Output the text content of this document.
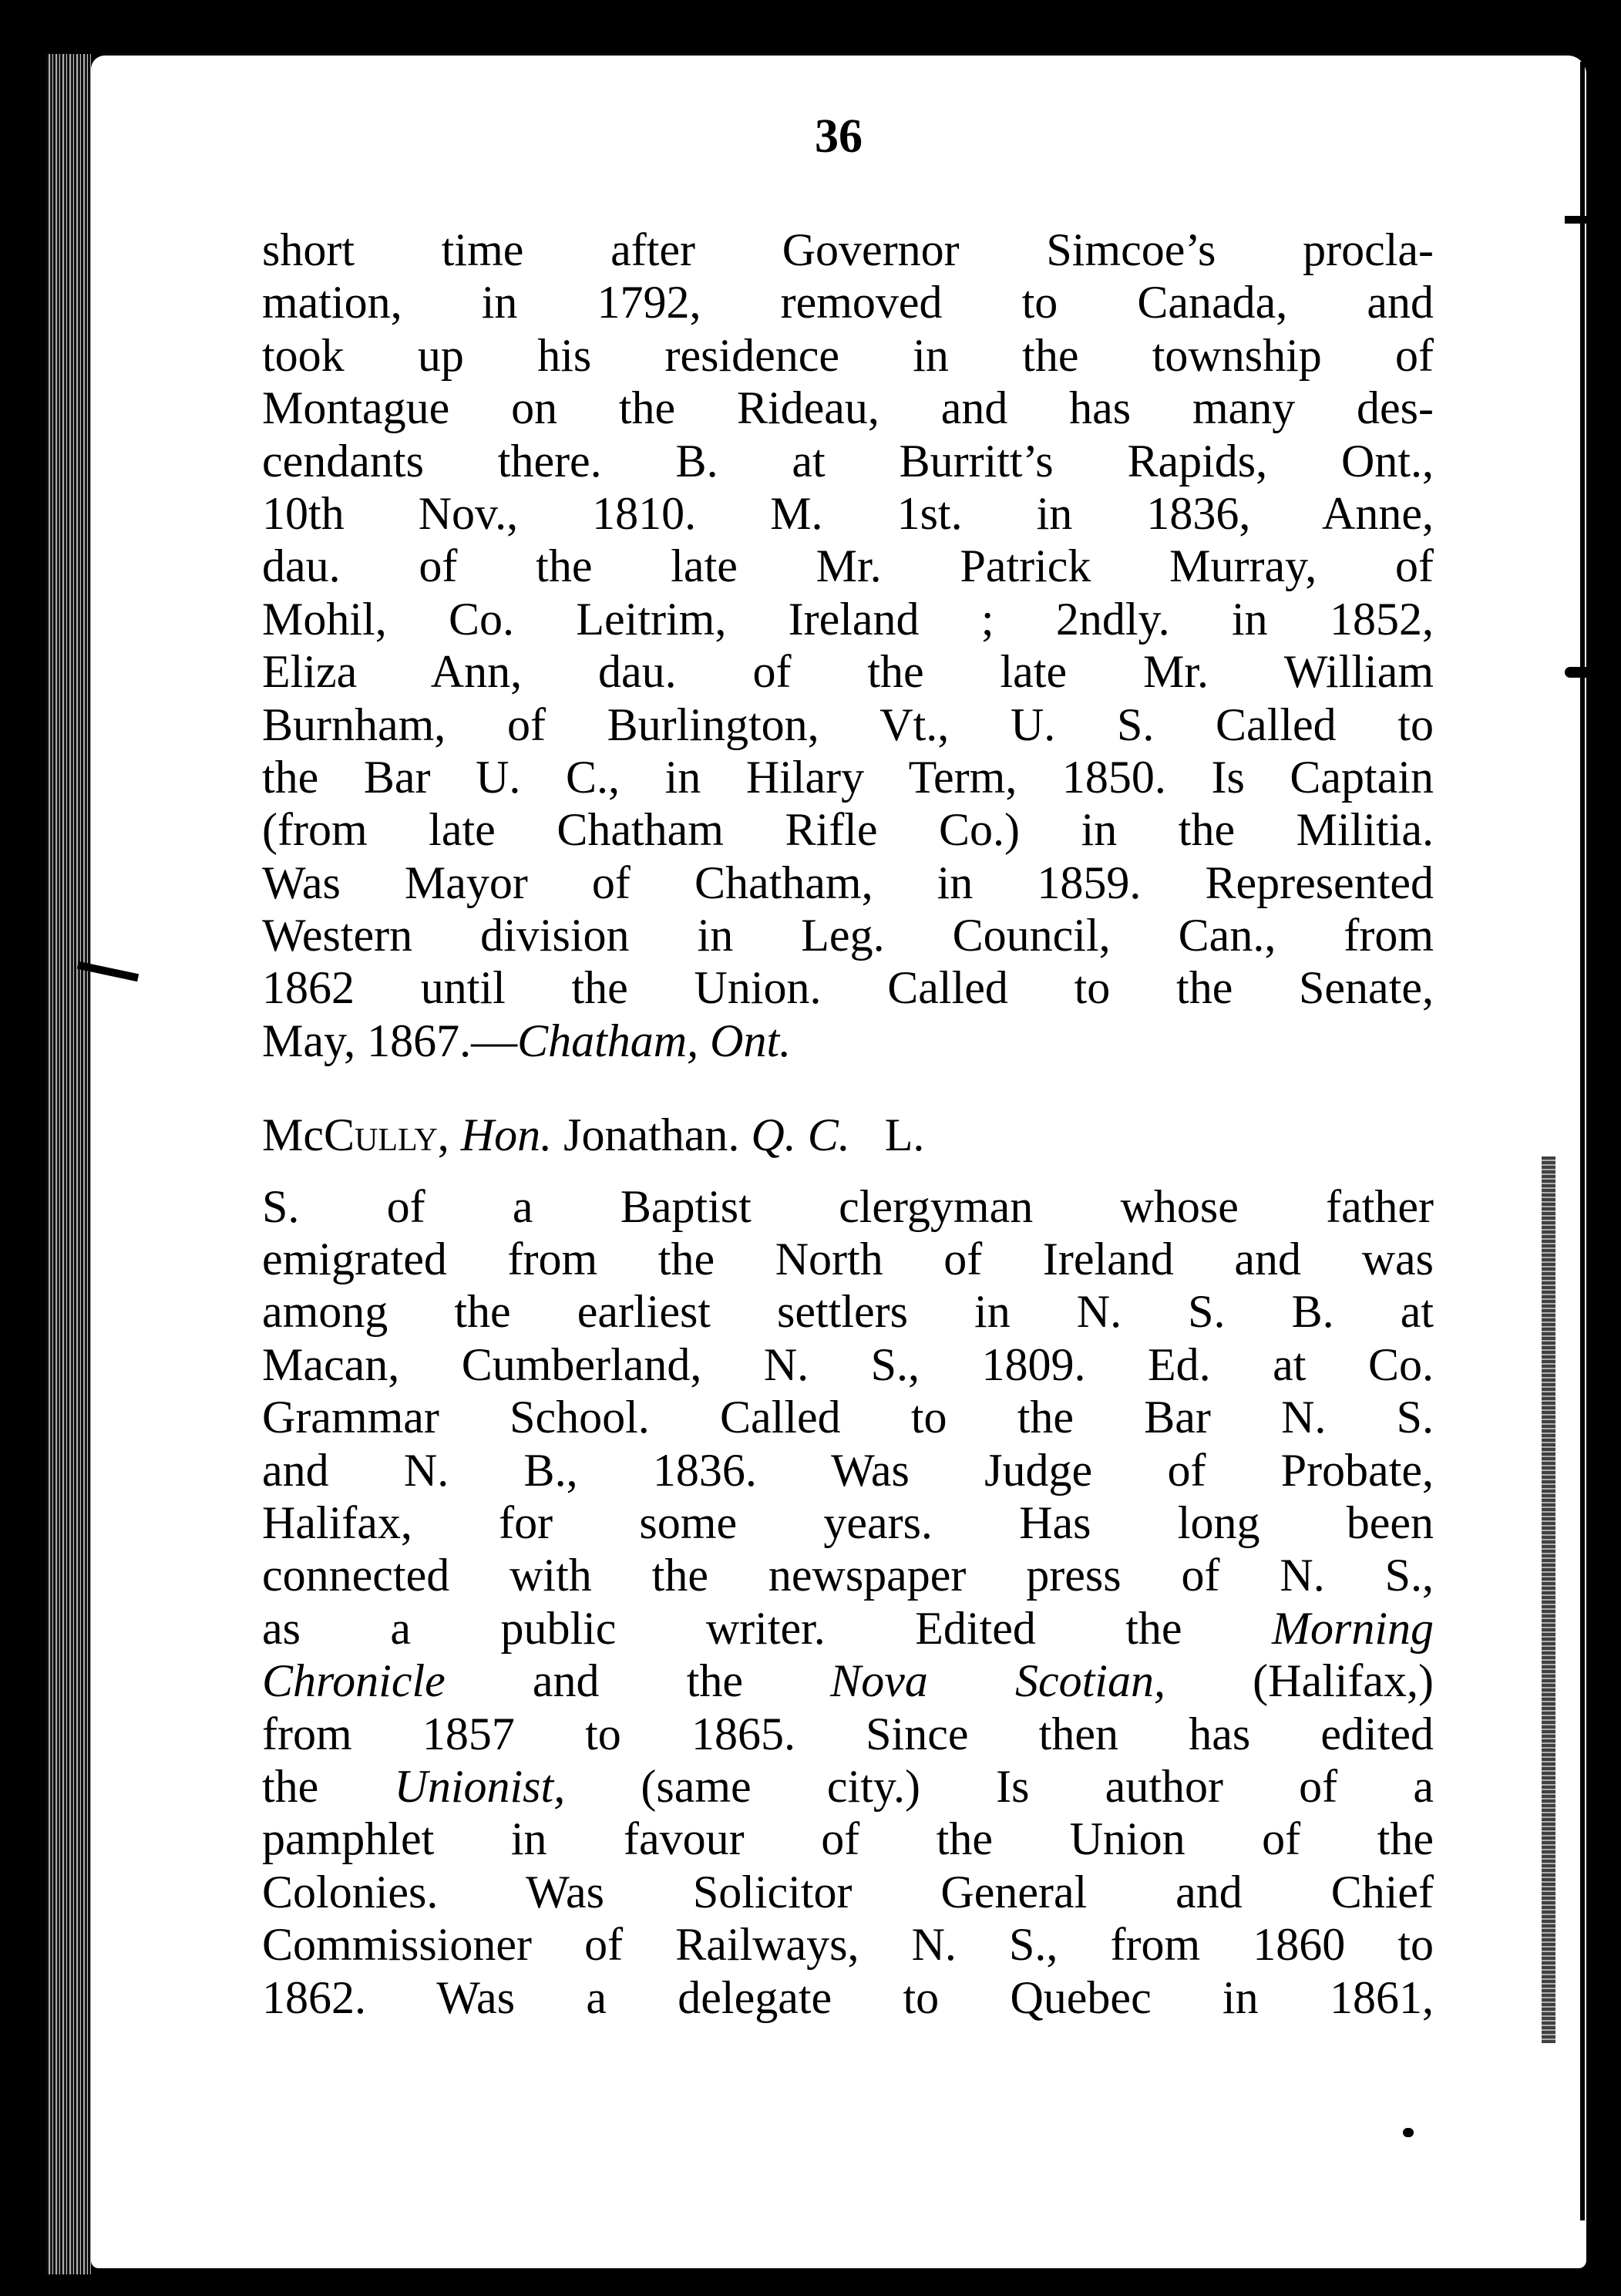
36
short time after Governor Simcoe’s procla-
mation, in 1792, removed to Canada, and
took up his residence in the township of
Montague on the Rideau, and has many des-
cendants there. B. at Burritt’s Rapids, Ont.,
10th Nov., 1810. M. 1st. in 1836, Anne,
dau. of the late Mr. Patrick Murray, of
Mohil, Co. Leitrim, Ireland ; 2ndly. in 1852,
Eliza Ann, dau. of the late Mr. William
Burnham, of Burlington, Vt., U. S. Called to
the Bar U. C., in Hilary Term, 1850. Is Captain
(from late Chatham Rifle Co.) in the Militia.
Was Mayor of Chatham, in 1859. Represented
Western division in Leg. Council, Can., from
1862 until the Union. Called to the Senate,
May, 1867.—Chatham, Ont.
McCully, Hon. Jonathan. Q. C. L.
S. of a Baptist clergyman whose father
emigrated from the North of Ireland and was
among the earliest settlers in N. S. B. at
Macan, Cumberland, N. S., 1809. Ed. at Co.
Grammar School. Called to the Bar N. S.
and N. B., 1836. Was Judge of Probate,
Halifax, for some years. Has long been
connected with the newspaper press of N. S.,
as a public writer. Edited the Morning
Chronicle and the Nova Scotian, (Halifax,)
from 1857 to 1865. Since then has edited
the Unionist, (same city.) Is author of a
pamphlet in favour of the Union of the
Colonies. Was Solicitor General and Chief
Commissioner of Railways, N. S., from 1860 to
1862. Was a delegate to Quebec in 1861,
